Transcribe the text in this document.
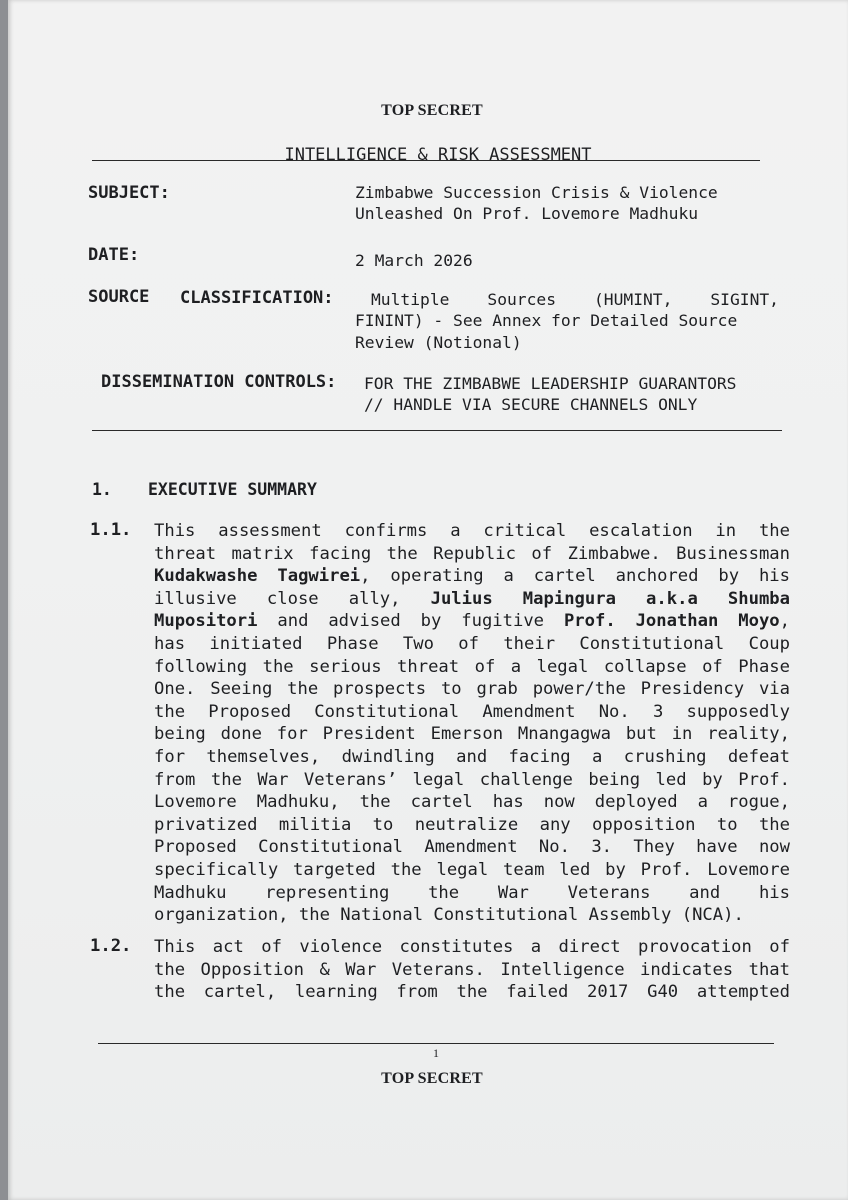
TOP SECRET
INTELLIGENCE & RISK ASSESSMENT
SUBJECT:	Zimbabwe Succession Crisis & Violence
Unleashed On Prof. Lovemore Madhuku
DATE:	2 March 2026
SOURCE CLASSIFICATION: Multiple Sources (HUMINT, SIGINT,
FININT) - See Annex for Detailed Source
Review (Notional)
DISSEMINATION CONTROLS: FOR THE ZIMBABWE LEADERSHIP GUARANTORS
// HANDLE VIA SECURE CHANNELS ONLY
1. EXECUTIVE SUMMARY
1.1. This assessment confirms a critical escalation in the
threat matrix facing the Republic of Zimbabwe. Businessman
Kudakwashe Tagwirei, operating a cartel anchored by his
illusive close ally, Julius Mapingura a.k.a Shumba
Mupositori and advised by fugitive Prof. Jonathan Moyo,
has initiated Phase Two of their Constitutional Coup
following the serious threat of a legal collapse of Phase
One. Seeing the prospects to grab power/the Presidency via
the Proposed Constitutional Amendment No. 3 supposedly
being done for President Emerson Mnangagwa but in reality,
for themselves, dwindling and facing a crushing defeat
from the War Veterans’ legal challenge being led by Prof.
Lovemore Madhuku, the cartel has now deployed a rogue,
privatized militia to neutralize any opposition to the
Proposed Constitutional Amendment No. 3. They have now
specifically targeted the legal team led by Prof. Lovemore
Madhuku representing the War Veterans and his
organization, the National Constitutional Assembly (NCA).
1.2. This act of violence constitutes a direct provocation of
the Opposition & War Veterans. Intelligence indicates that
the cartel, learning from the failed 2017 G40 attempted
1
TOP SECRET
